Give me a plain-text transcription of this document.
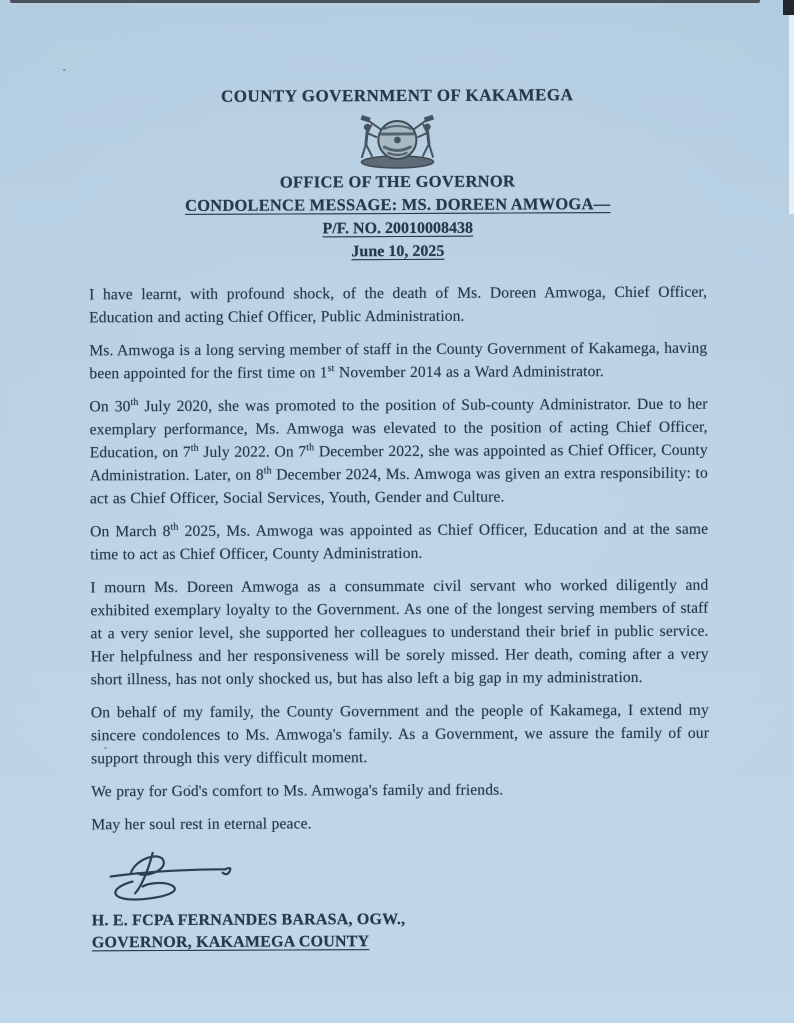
COUNTY GOVERNMENT OF KAKAMEGA
OFFICE OF THE GOVERNOR
CONDOLENCE MESSAGE: MS. DOREEN AMWOGA—
P/F. NO. 20010008438
June 10, 2025

I have learnt, with profound shock, of the death of Ms. Doreen Amwoga, Chief Officer, Education and acting Chief Officer, Public Administration.

Ms. Amwoga is a long serving member of staff in the County Government of Kakamega, having been appointed for the first time on 1st November 2014 as a Ward Administrator.

On 30th July 2020, she was promoted to the position of Sub-county Administrator. Due to her exemplary performance, Ms. Amwoga was elevated to the position of acting Chief Officer, Education, on 7th July 2022. On 7th December 2022, she was appointed as Chief Officer, County Administration. Later, on 8th December 2024, Ms. Amwoga was given an extra responsibility: to act as Chief Officer, Social Services, Youth, Gender and Culture.

On March 8th 2025, Ms. Amwoga was appointed as Chief Officer, Education and at the same time to act as Chief Officer, County Administration.

I mourn Ms. Doreen Amwoga as a consummate civil servant who worked diligently and exhibited exemplary loyalty to the Government. As one of the longest serving members of staff at a very senior level, she supported her colleagues to understand their brief in public service. Her helpfulness and her responsiveness will be sorely missed. Her death, coming after a very short illness, has not only shocked us, but has also left a big gap in my administration.

On behalf of my family, the County Government and the people of Kakamega, I extend my sincere condolences to Ms. Amwoga's family. As a Government, we assure the family of our support through this very difficult moment.

We pray for God's comfort to Ms. Amwoga's family and friends.

May her soul rest in eternal peace.

H. E. FCPA FERNANDES BARASA, OGW.,
GOVERNOR, KAKAMEGA COUNTY
